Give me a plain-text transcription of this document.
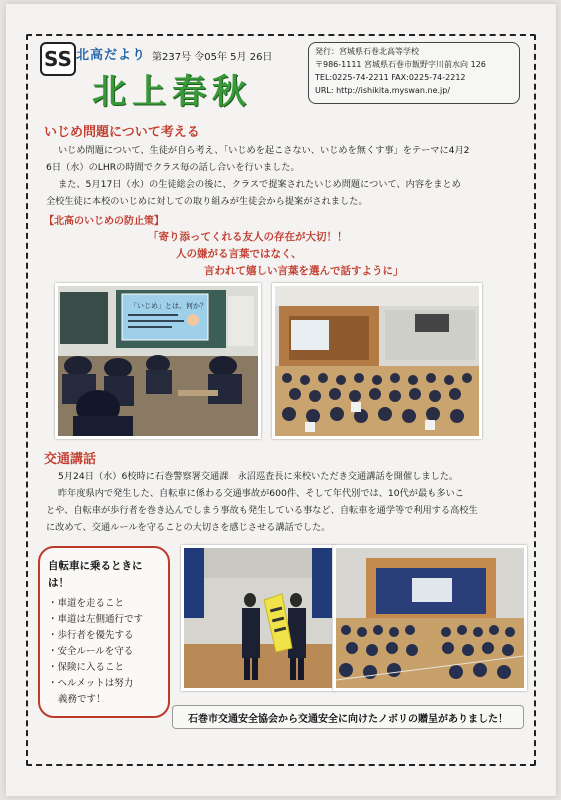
SS 北高だより 第237号 令05年 5月 26日
北上春秋
発行：宮城県石巻北高等学校
〒986-1111 宮城県石巻市飯野字川前水向 126
TEL:0225-74-2211 FAX:0225-74-2212
URL: http://ishikita.myswan.ne.jp/
いじめ問題について考える
いじめ問題について、生徒が自ら考え、「いじめを起こさない、いじめを無くす事」をテーマに4月2
6日（水）のLHRの時間でクラス毎の話し合いを行いました。
また、5月17日（水）の生徒総会の後に、クラスで提案されたいじめ問題について、内容をまとめ
全校生徒に本校のいじめに対しての取り組みが生徒会から提案がされました。
【北高のいじめの防止策】
「寄り添ってくれる友人の存在が大切！！
人の嫌がる言葉ではなく、
言われて嬉しい言葉を選んで話すように」
「いじめ」とは、何か？
交通講話
5月24日（水）6校時に石巻警察署交通課　永沼巡査長に来校いただき交通講話を開催しました。
昨年度県内で発生した、自転車に係わる交通事故が600件、そして年代別では、10代が最も多いこ
とや、自転車が歩行者を巻き込んでしまう事故も発生している事など、自転車を通学等で利用する高校生
に改めて、交通ルールを守ることの大切さを感じさせる講話でした。
自転車に乗るときには！
・車道を走ること
・車道は左側通行です
・歩行者を優先する
・安全ルールを守る
・保険に入ること
・ヘルメットは努力
義務です！
石巻市交通安全協会から交通安全に向けたノボリの贈呈がありました！
